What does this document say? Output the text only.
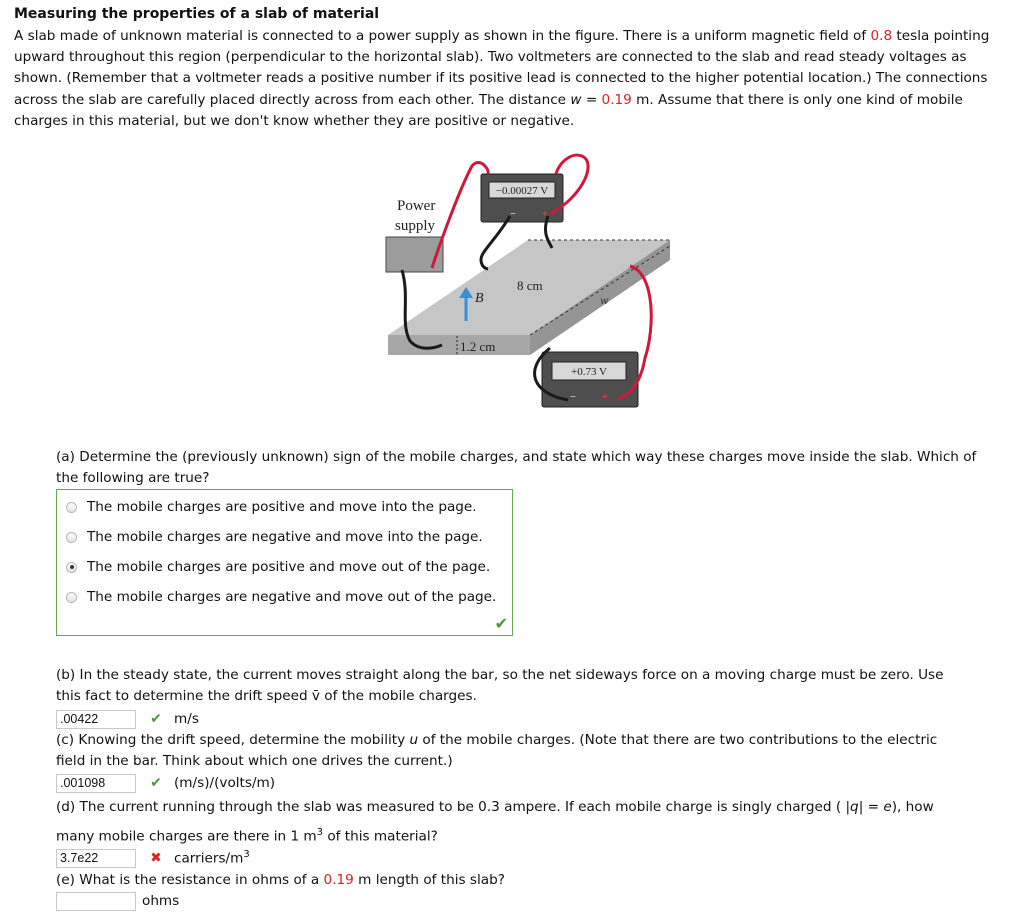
Measuring the properties of a slab of material
A slab made of unknown material is connected to a power supply as shown in the figure. There is a uniform magnetic field of 0.8 tesla pointing upward throughout this region (perpendicular to the horizontal slab). Two voltmeters are connected to the slab and read steady voltages as shown. (Remember that a voltmeter reads a positive number if its positive lead is connected to the higher potential location.) The connections across the slab are carefully placed directly across from each other. The distance w = 0.19 m. Assume that there is only one kind of mobile charges in this material, but we don't know whether they are positive or negative.
w
8 cm
1.2 cm
B
Power
supply
−0.00027 V
−	+
+0.73 V
−	+
(a) Determine the (previously unknown) sign of the mobile charges, and state which way these charges move inside the slab. Which of the following are true?
The mobile charges are positive and move into the page.
The mobile charges are negative and move into the page.
The mobile charges are positive and move out of the page.
The mobile charges are negative and move out of the page.
✔
(b) In the steady state, the current moves straight along the bar, so the net sideways force on a moving charge must be zero. Use
this fact to determine the drift speed v̄ of the mobile charges.
.00422	✔ m/s
(c) Knowing the drift speed, determine the mobility u of the mobile charges. (Note that there are two contributions to the electric
field in the bar. Think about which one drives the current.)
.001098	✔ (m/s)/(volts/m)
(d) The current running through the slab was measured to be 0.3 ampere. If each mobile charge is singly charged ( |q| = e), how
many mobile charges are there in 1 $m^3$ of this material?
3.7e22	✖ carriers/$m^3$
(e) What is the resistance in ohms of a 0.19 m length of this slab?
ohms
